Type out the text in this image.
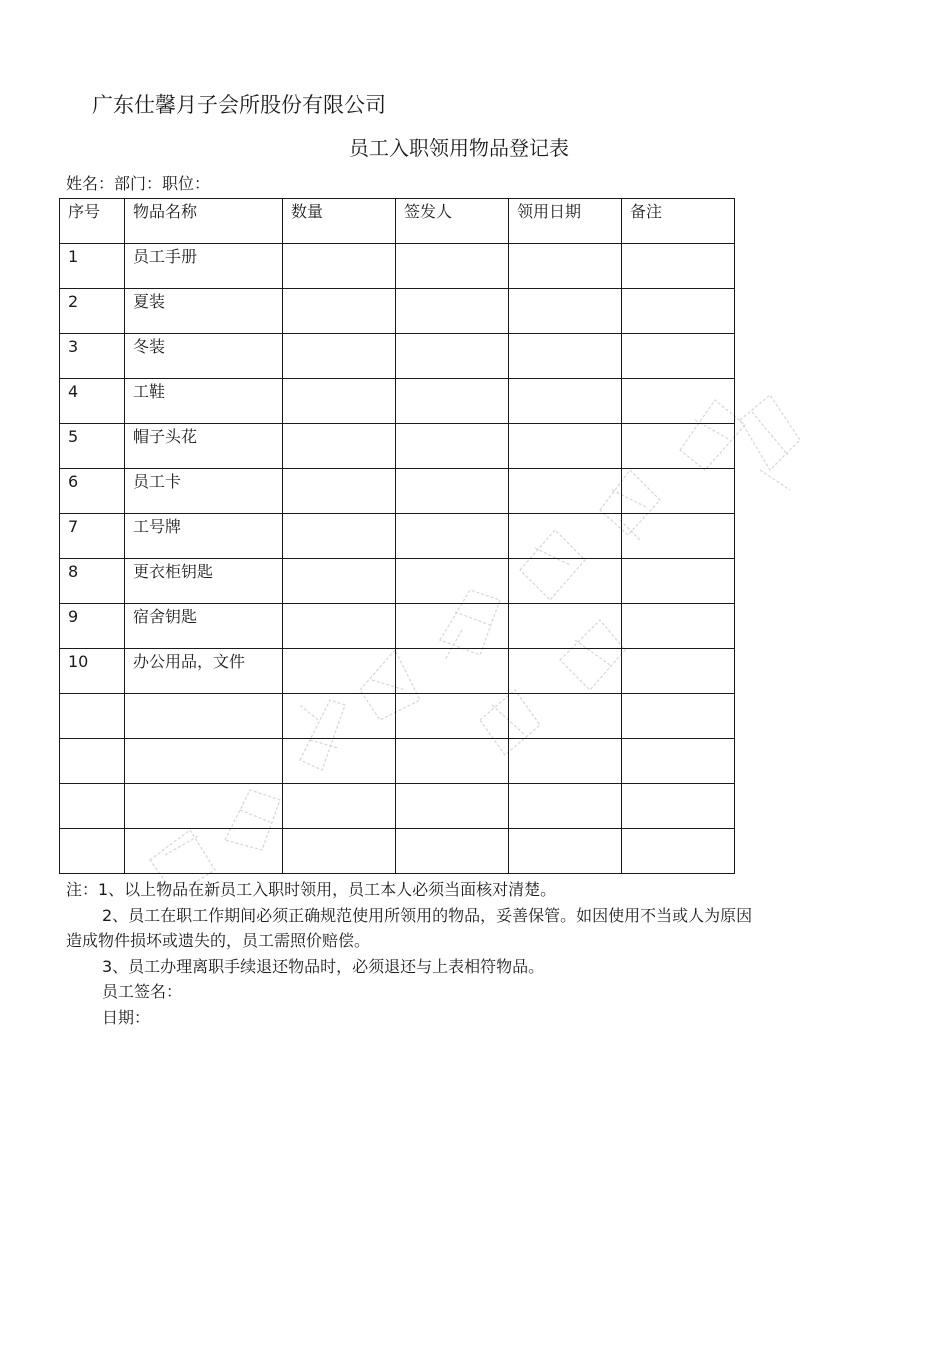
广东仕馨月子会所股份有限公司
员工入职领用物品登记表
姓名：部门：职位：
序号	物品名称	数量	签发人	领用日期	备注

1	员工手册				

2	夏装				

3	冬装				

4	工鞋				

5	帽子头花				

6	员工卡				

7	工号牌				

8	更衣柜钥匙				

9	宿舍钥匙				

10	办公用品，文件				

注：1、以上物品在新员工入职时领用，员工本人必须当面核对清楚。

2、员工在职工作期间必须正确规范使用所领用的物品，妥善保管。如因使用不当或人为原因

造成物件损坏或遗失的，员工需照价赔偿。

3、员工办理离职手续退还物品时，必须退还与上表相符物品。

员工签名：

日期：
